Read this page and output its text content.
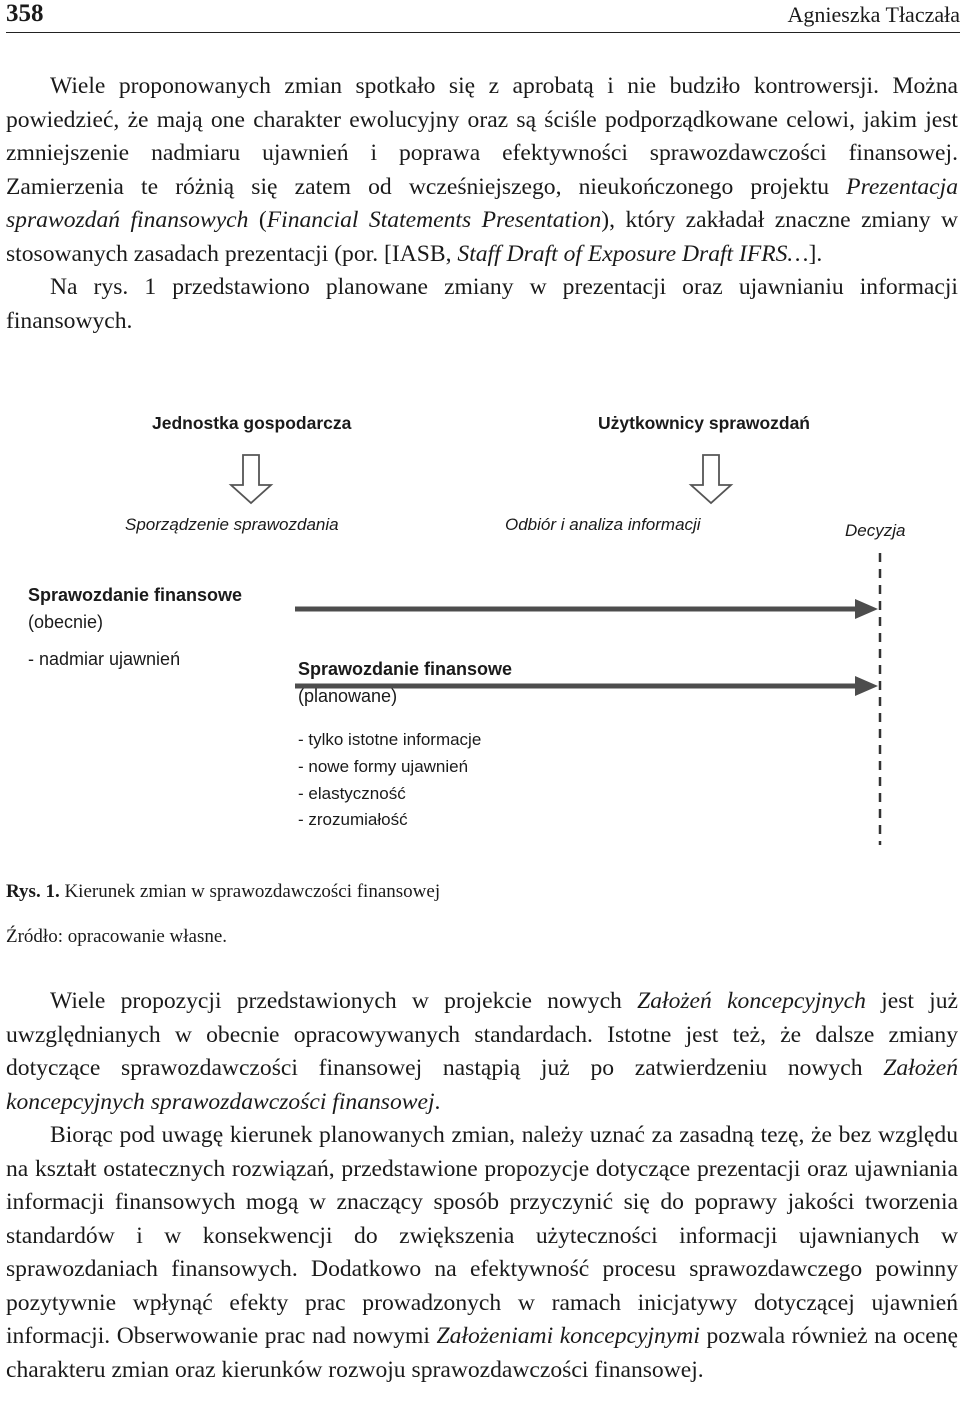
358	Agnieszka Tłaczała

Wiele proponowanych zmian spotkało się z aprobatą i nie budziło kontrowersji. Można powiedzieć, że mają one charakter ewolucyjny oraz są ściśle podporządkowane celowi, jakim jest zmniejszenie nadmiaru ujawnień i poprawa efektywności sprawozdawczości finansowej. Zamierzenia te różnią się zatem od wcześniejszego, nieukończonego projektu Prezentacja sprawozdań finansowych (Financial Statements Presentation), który zakładał znaczne zmiany w stosowanych zasadach prezentacji (por. [IASB, Staff Draft of Exposure Draft IFRS…].

Na rys. 1 przedstawiono planowane zmiany w prezentacji oraz ujawnianiu informacji finansowych.

Jednostka gospodarcza	Użytkownicy sprawozdań
Sporządzenie sprawozdania	Odbiór i analiza informacji	Decyzja
Sprawozdanie finansowe
(obecnie)
- nadmiar ujawnień	Sprawozdanie finansowe
(planowane)
- tylko istotne informacje
- nowe formy ujawnień
- elastyczność
- zrozumiałość
Rys. 1. Kierunek zmian w sprawozdawczości finansowej
Źródło: opracowanie własne.

Wiele propozycji przedstawionych w projekcie nowych Założeń koncepcyjnych jest już uwzględnianych w obecnie opracowywanych standardach. Istotne jest też, że dalsze zmiany dotyczące sprawozdawczości finansowej nastąpią już po zatwierdzeniu nowych Założeń koncepcyjnych sprawozdawczości finansowej.

Biorąc pod uwagę kierunek planowanych zmian, należy uznać za zasadną tezę, że bez względu na kształt ostatecznych rozwiązań, przedstawione propozycje dotyczące prezentacji oraz ujawniania informacji finansowych mogą w znaczący sposób przyczynić się do poprawy jakości tworzenia standardów i w konsekwencji do zwiększenia użyteczności informacji ujawnianych w sprawozdaniach finansowych. Dodatkowo na efektywność procesu sprawozdawczego powinny pozytywnie wpłynąć efekty prac prowadzonych w ramach inicjatywy dotyczącej ujawnień informacji. Obserwowanie prac nad nowymi Założeniami koncepcyjnymi pozwala również na ocenę charakteru zmian oraz kierunków rozwoju sprawozdawczości finansowej.
